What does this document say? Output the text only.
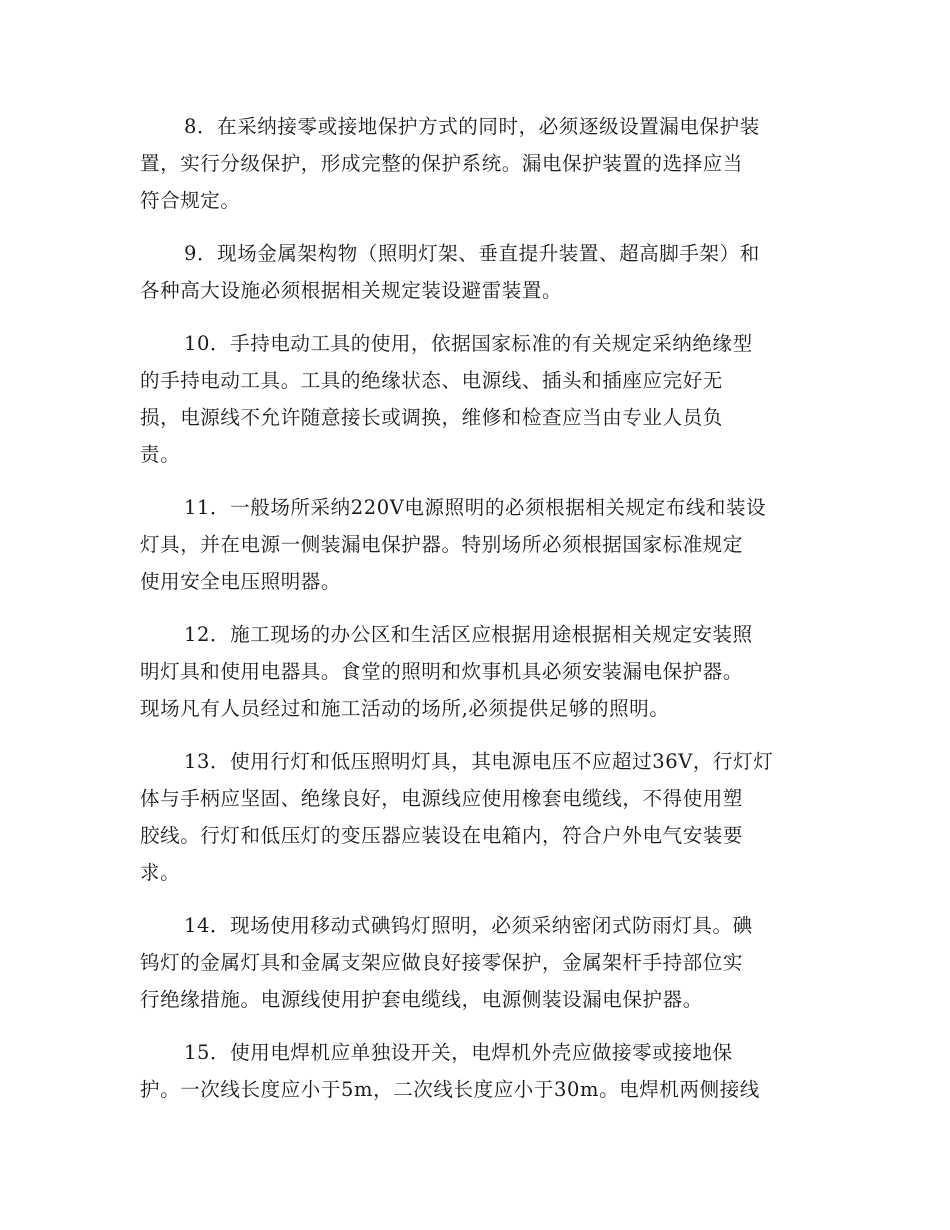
8．在采纳接零或接地保护方式的同时，必须逐级设置漏电保护装

置，实行分级保护，形成完整的保护系统。漏电保护装置的选择应当

符合规定。

9．现场金属架构物（照明灯架、垂直提升装置、超高脚手架）和

各种高大设施必须根据相关规定装设避雷装置。

10．手持电动工具的使用，依据国家标准的有关规定采纳绝缘型

的手持电动工具。工具的绝缘状态、电源线、插头和插座应完好无

损，电源线不允许随意接长或调换，维修和检查应当由专业人员负

责。

11．一般场所采纳220V电源照明的必须根据相关规定布线和装设

灯具，并在电源一侧装漏电保护器。特别场所必须根据国家标准规定

使用安全电压照明器。

12．施工现场的办公区和生活区应根据用途根据相关规定安装照

明灯具和使用电器具。食堂的照明和炊事机具必须安装漏电保护器。

现场凡有人员经过和施工活动的场所,必须提供足够的照明。

13．使用行灯和低压照明灯具，其电源电压不应超过36V，行灯灯

体与手柄应坚固、绝缘良好，电源线应使用橡套电缆线，不得使用塑

胶线。行灯和低压灯的变压器应装设在电箱内，符合户外电气安装要

求。

14．现场使用移动式碘钨灯照明，必须采纳密闭式防雨灯具。碘

钨灯的金属灯具和金属支架应做良好接零保护，金属架杆手持部位实

行绝缘措施。电源线使用护套电缆线，电源侧装设漏电保护器。

15．使用电焊机应单独设开关，电焊机外壳应做接零或接地保

护。一次线长度应小于5m，二次线长度应小于30m。电焊机两侧接线
